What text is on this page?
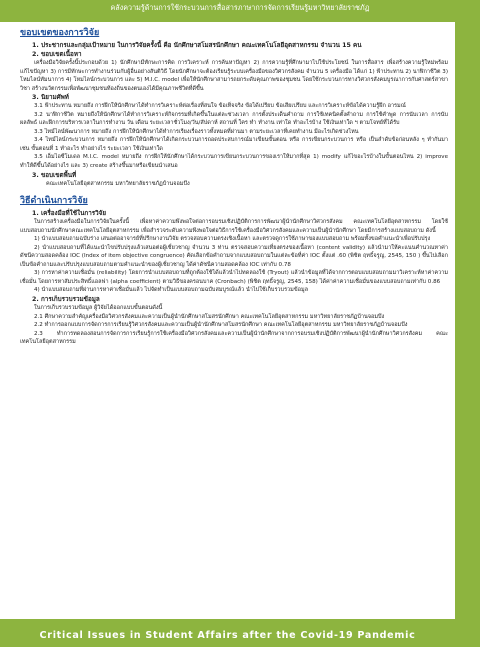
คลังความรู้ด้านการใช้กระบวนการสื่อสารภาษาการจัดการเรียนรู้มหาวิทยาลัยราชภัฏ
ขอบเขตของการวิจัย
1. ประชากรและกลุ่มเป้าหมาย ในการวิจัยครั้งนี้ คือ นักศึกษาสโมสรนักศึกษา คณะเทคโนโลยีอุตสาหกรรม จำนวน 15 คน
2. ขอบเขตเนื้อหา
เครื่องมือวิจัยครั้งนี้ประกอบด้วย 1) นักศึกษามีทักษะการคิด การวิเคราะห์ การค้นหาปัญหา 2) การความรู้ที่ศึกษามาไปใช้ประโยชน์ ในการสื่อสาร เพื่อสร้างความรู้ใหม่พร้อมแก้ไขปัญหา 3) การมีทักษะการทำงานร่วมกับผู้อื่นอย่างสันติวิธี โดยนักศึกษาจะต้องเรียนรู้ระบบเครื่องมือของวิศวกรสังคม จำนวน 5 เครื่องมือ ได้แก่ 1) ฟ้าประทาน 2) นาฬิกาชีวิต 3) โหมไลน์ทัมนาการ 4) โหมไลน์กระบวนการ และ 5) M.I.C. model เพื่อให้นักศึกษาสามารถยกระดับคุณภาพของชุมชน โดยใช้กระบวนการทางวิศวกรสังคมบูรณาการกับศาสตร์สาขาวิชา สร้างนวัตกรรมเพื่อพัฒนาชุมชนท้องถิ่นของตนเองได้มีคุณภาพชีวิตที่ดีขึ้น
3. นิยามศัพท์
3.1 ฟ้าประทาน หมายถึง การฝึกให้นักศึกษาได้ทำการวิเคราะห์ต่อเรื่องที่สนใจ ข้อเท็จจริง ข้อได้เปรียบ ข้อเสียเปรียบ และการวิเคราะห์ข้อได้ความรู้ฝึก อารมณ์
3.2 นาฬิกาชีวิต หมายถึงให้นักศึกษาได้ทำการวิเคราะห์กิจกรรมที่เกิดขึ้นในแต่ละช่วงเวลา การตั้งประเด็นคำถาม การใช้เทคนิคตั้งคำถาม การใช้คำพูด การนับเวลา การนับผลลัพธ์ และฝึกการบริหารเวลาในการทำงาน วัน เดือน ระยะเวลาชั่วโมง/วัน/สัปดาห์ สถานที่ ใคร ทำ ทำงาน เท่าใด ทำอะไรบ้าง ใช้เงินเท่าใด ฯ ตามโจทย์ที่ได้รับ
3.3 ไทม์ไลน์พัฒนาการ หมายถึง การฝึกให้นักศึกษาได้ทำการเรียงเรื่องราวทั้งหมดที่ผ่านมา ตามระยะเวลาที่เคยทำงาน มีอะไรเกิดช่วงไหน
3.4 ไทม์ไลน์กระบวนการ หมายถึง การฝึกให้นักศึกษาได้เกิดกระบวนการถอดประสบการณ์มาเขียนขั้นตอน หรือ การเขียนกระบวนการ หรือ เป็นลำดับข้อก่อนหลัง ๆ ทำกันมา เช่น ขั้นตอนที่ 1 ทำอะไร ทำอย่างไร ระยะเวลา ใช้เงินเท่าใด
3.5 เอ็มไอซีโมเดล M.I.C. model หมายถึง การฝึกให้นักศึกษาได้กระบวนการเขียนกระบวนการของเราให้มากที่สุด 1) modify แก้ไขอะไรบ้างในขั้นตอนไหน 2) improve ทำให้ดีขึ้นได้อย่างไร และ 3) create สร้างขึ้นมาหรือเขียนนำเสนอ
3. ขอบเขตพื้นที่
คณะเทคโนโลยีอุตสาหกรรม มหาวิทยาลัยราชภัฏบ้านจอมบึง
วิธีดำเนินการวิจัย
1. เครื่องมือที่ใช้ในการวิจัย
ในการสร้างเครื่องมือในการวิจัยในครั้งนี้ เพื่อหาค่าความพึงพอใจต่อการอบรมเชิงปฏิบัติการการพัฒนาผู้นำนักศึกษาวิศวกรสังคม คณะเทคโนโลยีอุตสาหกรรม โดยใช้แบบสอบถามนักศึกษาคณะเทคโนโลยีอุตสาหกรรม เพื่อสำรวจระดับความพึงพอใจต่อวิธีการใช้เครื่องมือวิศวกรสังคมและความเป็นผู้นำนักศึกษา โดยมีการสร้างแบบสอบถาม ดังนี้
1) นำแบบสอบถามฉบับร่าง เสนอต่ออาจารย์ที่ปรึกษางานวิจัย ตรวจสอบความตรงเชิงเนื้อหา และตรวจดูการใช้ภาษาของแบบสอบถาม พร้อมทั้งขอคำแนะนำเพื่อปรับปรุง
2) นำแบบสอบถามที่ได้แนะนำไขปรับปรุงแล้วเสนอต่อผู้เชี่ยวชาญ จำนวน 3 ท่าน ตรวจสอบความเที่ยงตรงของเนื้อหา (content validity) แล้วนำมาให้คะแนนคำนวณหาค่าดัชนีความสอดคล้อง IOC (Index of item objective congruence) คัดเลือกข้อคำถามจากแบบสอบถามในแต่ละข้อที่ค่า IOC ตั้งแต่ .60 (พิชิต ฤทธิ์จรูญ, 2545, 150 ) ขึ้นไปเลือกเป็นข้อคำถามและปรับปรุงแบบสอบถามตามคำแนะนำของผู้เชี่ยวชาญ ได้ค่าดัชนีความสอดคล้อง IOC เท่ากับ 0.78
3) การหาค่าความเชื่อมั่น (reliability) โดยการนำแบบสอบถามที่ถูกต้องใช้ได้แล้วนำไปทดลองใช้ (Tryout) แล้วนำข้อมูลที่ได้จากการตอบแบบสอบถามมาวิเคราะห์หาค่าความเชื่อมั่น โดยการหาสัมประสิทธิ์แอลฟา (alpha coefficient) ตามวิธีของครอนบาค (Cronbach) (พิชิต ฤทธิ์จรูญ, 2545, 158) ได้ค่าค่าความเชื่อมั่นของแบบสอบถามเท่ากับ 0.86
4) นำแบบสอบถามที่ผ่านการหาค่าเชื่อมั่นแล้ว ไปจัดทำเป็นแบบสอบถามฉบับสมบูรณ์แล้ว นำไปใช้เก็บรวบรวมข้อมูล
2. การเก็บรวบรวมข้อมูล
ในการเก็บรวบรวมข้อมูล ผู้วิจัยได้ออกแบบขั้นตอนดังนี้
2.1 ศึกษาความสำคัญเครื่องมือวิศวกรสังคมและความเป็นผู้นำนักศึกษาสโมสรนักศึกษา คณะเทคโนโลยีอุตสาหกรรม มหาวิทยาลัยราชภัฏบ้านจอมบึง
2.2 ทำการออกแบบการจัดการการเรียนรู้วิศวกรสังคมและความเป็นผู้นำนักศึกษาสโมสรนักศึกษา คณะเทคโนโลยีอุตสาหกรรม มหาวิทยาลัยราชภัฏบ้านจอมบึง
2.3 ทำการทดลองสอนการจัดการการเรียนรู้การใช้เครื่องมือวิศวกรสังคมและความเป็นผู้นำนักศึกษาจากการอบรมเชิงปฏิบัติการพัฒนาผู้นำนักศึกษาวิศวกรสังคม คณะเทคโนโลยีอุตสาหกรรม
Critical Issues in Student Affairs after the Covid-19 Pandemic
